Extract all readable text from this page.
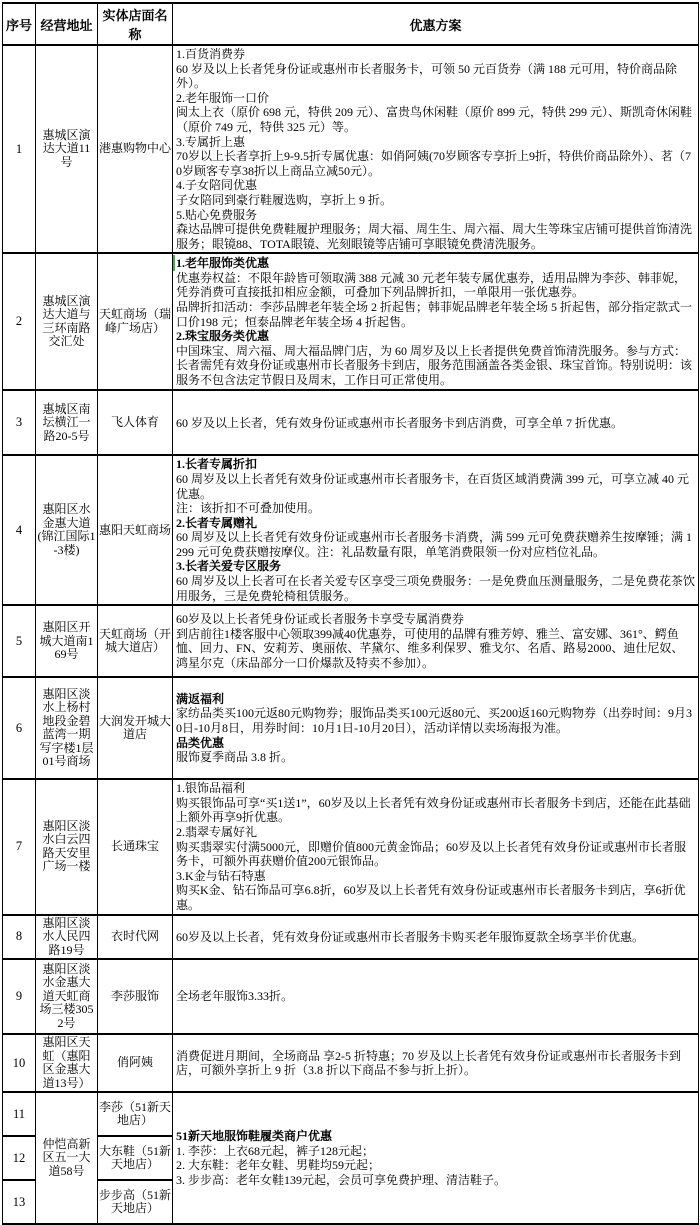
序号	经营地址	实体店面名称	优惠方案
1	惠城区演达大道11号	港惠购物中心	
1.百货消费券
60 岁及以上长者凭身份证或惠州市长者服务卡，可领 50 元百货券（满 188 元可用，特价商品除外）。
2.老年服饰一口价
闽太上衣（原价 698 元，特供 209 元）、富贵鸟休闲鞋（原价 899 元，特供 299 元）、斯凯奇休闲鞋（原价 749 元，特供 325 元）等。
3.专属折上惠
70岁以上长者享折上9-9.5折专属优惠：如俏阿姨(70岁顾客专享折上9折，特供价商品除外）、茗（70岁顾客专享38折以上商品立减50元）。
4.子女陪同优惠
子女陪同到豪行鞋履选购，享折上 9 折。
5.贴心免费服务
森达品牌可提供免费鞋履护理服务；周大福、周生生、周六福、周大生等珠宝店铺可提供首饰清洗服务；眼镜88、TOTA眼镜、光刻眼镜等店铺可享眼镜免费清洗服务。

2	惠城区演达大道与三环南路交汇处	天虹商场（瑞峰广场店）	1.老年服饰类优惠
优惠券权益：不限年龄皆可领取满 388 元减 30 元老年装专属优惠券，适用品牌为李莎、韩菲妮，凭券消费可直接抵扣相应金额，可叠加下列品牌折扣，一单限用一张优惠券。
品牌折扣活动：李莎品牌老年装全场 2 折起售；韩菲妮品牌老年装全场 5 折起售，部分指定款式一口价198 元；恒泰品牌老年装全场 4 折起售。
2.珠宝服务类优惠
中国珠宝、周六福、周大福品牌门店，为 60 周岁及以上长者提供免费首饰清洗服务。参与方式：长者需凭有效身份证或惠州市长者服务卡到店，服务范围涵盖各类金银、珠宝首饰。特别说明：该服务不包含法定节假日及周末，工作日可正常使用。

3	惠城区南坛横江一路20-5号	飞人体育	60 岁及以上长者，凭有效身份证或惠州市长者服务卡到店消费，可享全单 7 折优惠。

4	惠阳区水金惠大道(锦江国际1-3楼)	惠阳天虹商场	
1.长者专属折扣
60 周岁及以上长者凭有效身份证或惠州市长者服务卡，在百货区域消费满 399 元，可享立减 40 元优惠。
注：该折扣不可叠加使用。
2.长者专属赠礼
60 周岁及以上长者凭有效身份证或惠州市长者服务卡消费，满 599 元可免费获赠养生按摩锤；满 1299 元可免费获赠按摩仪。注：礼品数量有限，单笔消费限领一份对应档位礼品。
3.长者关爱专区服务
60 周岁及以上长者可在长者关爱专区享受三项免费服务：一是免费血压测量服务，二是免费花茶饮用服务，三是免费轮椅租赁服务。

5	惠阳区开城大道南169号	天虹商场（开城大道店）	60岁及以上长者凭身份证或长者服务卡享受专属消费券
到店前往1楼客服中心领取399减40优惠券，可使用的品牌有雅芳婷、雅兰、富安娜、361°、鳄鱼恤、回力、FN、安莉芳、奥丽侬、芊黛尔、维多利保罗、雅戈尔、名盾、路易2000、迪仕尼奴、鸿星尔克（床品部分一口价爆款及特卖不参加）。

6	惠阳区淡水上杨村地段金碧蓝湾一期写字楼1层01号商场	大润发开城大道店	满返福利
家纺品类买100元返80元购物券；服饰品类买100元返80元、买200返160元购物券（出券时间：9月30日-10月8日，用券时间：10月1日-10月20日），活动详情以卖场海报为准。
品类优惠
服饰夏季商品 3.8 折。

7	惠阳区淡水白云四路天安里广场一楼	长通珠宝	
1.银饰品福利
购买银饰品可享“买1送1”，60岁及以上长者凭有效身份证或惠州市长者服务卡到店，还能在此基础上额外再享9折优惠。
2.翡翠专属好礼
购买翡翠实付满5000元，即赠价值800元黄金饰品；60岁及以上长者凭有效身份证或惠州市长者服务卡，可额外再获赠价值200元银饰品。
3.K金与钻石特惠
购买K金、钻石饰品可享6.8折，60岁及以上长者凭有效身份证或惠州市长者服务卡到店，享6折优惠。

8	惠阳区淡水人民四路19号	衣时代网	60岁及以上长者，凭有效身份证或惠州市长者服务卡购买老年服饰夏款全场享半价优惠。

9	惠阳区淡水金惠大道天虹商场三楼3052号	李莎服饰	全场老年服饰3.33折。

10	惠阳区天虹（惠阳区金惠大道13号）	俏阿姨	消费促进月期间，全场商品 享2-5 折特惠；70 岁及以上长者凭有效身份证或惠州市长者服务卡到店，可额外享折上 9 折（3.8 折以下商品不参与折上折）。

11	仲恺高新区五一大道58号	李莎（51新天地店）	51新天地服饰鞋履类商户优惠
1. 李莎：上衣68元起，裤子128元起；
2. 大东鞋：老年女鞋、男鞋均59元起；
3. 步步高：老年女鞋139元起，会员可享免费护理、清洁鞋子。

12		大东鞋（51新天地店）	
13		步步高（51新天地店）	
